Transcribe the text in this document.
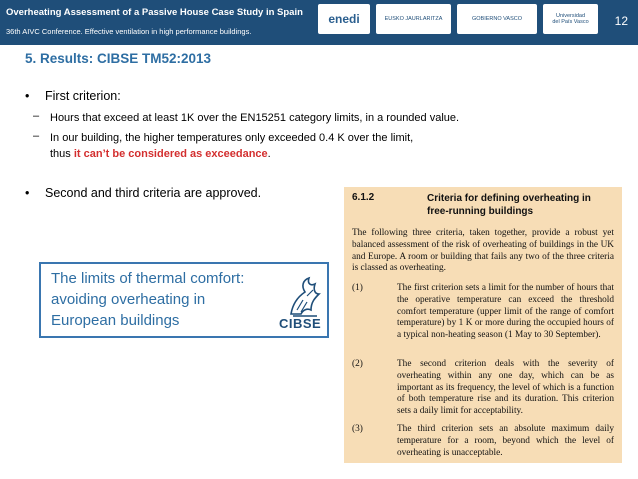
Overheating Assessment of a Passive House Case Study in Spain
36th AIVC Conference. Effective ventilation in high performance buildings.
enedi	EUSKO JAURLARITZA	GOBIERNO VASCO
Universidad
del País Vasco 12
5. Results: CIBSE TM52:2013
• First criterion:
– Hours that exceed at least 1K over the EN15251 category limits, in a rounded value.
– In our building, the higher temperatures only exceeded 0.4 K over the limit,
thus it can’t be considered as exceedance.
• Second and third criteria are approved.
The limits of thermal comfort:
avoiding overheating in
European buildings	CIBSE
6.1.2	Criteria for defining overheating in free-running buildings
The following three criteria, taken together, provide a robust yet balanced assessment of the risk of overheating of buildings in the UK and Europe. A room or building that fails any two of the three criteria is classed as overheating.
(1)	The first criterion sets a limit for the number of hours that the operative temperature can exceed the threshold comfort temperature (upper limit of the range of comfort temperature) by 1 K or more during the occupied hours of a typical non-heating season (1 May to 30 September).
(2)	The second criterion deals with the severity of overheating within any one day, which can be as important as its frequency, the level of which is a function of both temperature rise and its duration. This criterion sets a daily limit for acceptability.
(3)	The third criterion sets an absolute maximum daily temperature for a room, beyond which the level of overheating is unacceptable.
